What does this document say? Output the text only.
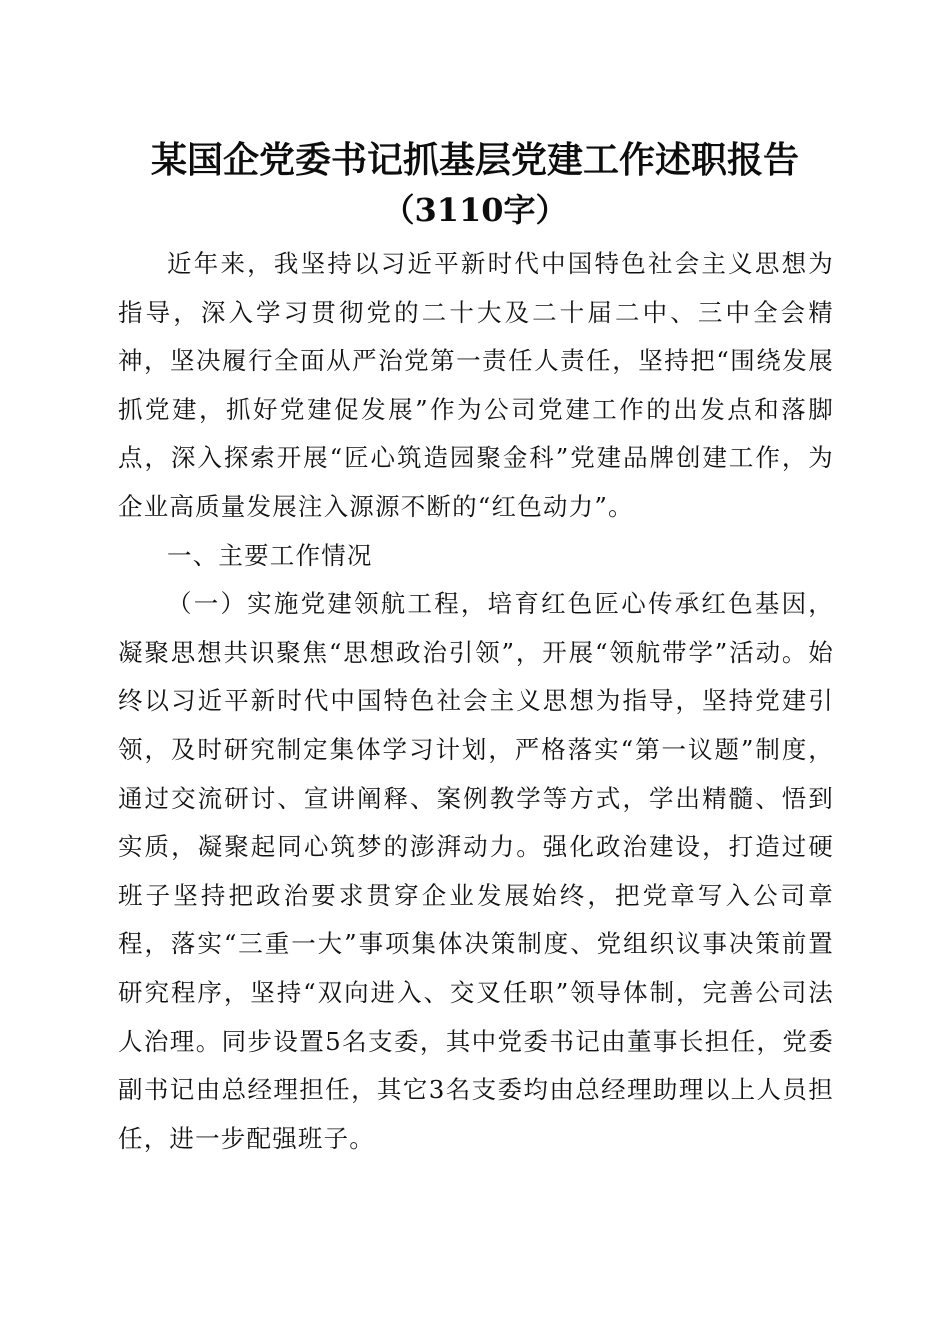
某国企党委书记抓基层党建工作述职报告
（3110字）

近年来，我坚持以习近平新时代中国特色社会主义思想为指导，深入学习贯彻党的二十大及二十届二中、三中全会精神，坚决履行全面从严治党第一责任人责任，坚持把“围绕发展抓党建，抓好党建促发展”作为公司党建工作的出发点和落脚点，深入探索开展“匠心筑造园聚金科”党建品牌创建工作，为企业高质量发展注入源源不断的“红色动力”。

一、主要工作情况

（一）实施党建领航工程，培育红色匠心传承红色基因，凝聚思想共识聚焦“思想政治引领”，开展“领航带学”活动。始终以习近平新时代中国特色社会主义思想为指导，坚持党建引领，及时研究制定集体学习计划，严格落实“第一议题”制度，通过交流研讨、宣讲阐释、案例教学等方式，学出精髓、悟到实质，凝聚起同心筑梦的澎湃动力。强化政治建设，打造过硬班子坚持把政治要求贯穿企业发展始终，把党章写入公司章程，落实“三重一大”事项集体决策制度、党组织议事决策前置研究程序，坚持“双向进入、交叉任职”领导体制，完善公司法人治理。同步设置5名支委，其中党委书记由董事长担任，党委副书记由总经理担任，其它3名支委均由总经理助理以上人员担任，进一步配强班子。
